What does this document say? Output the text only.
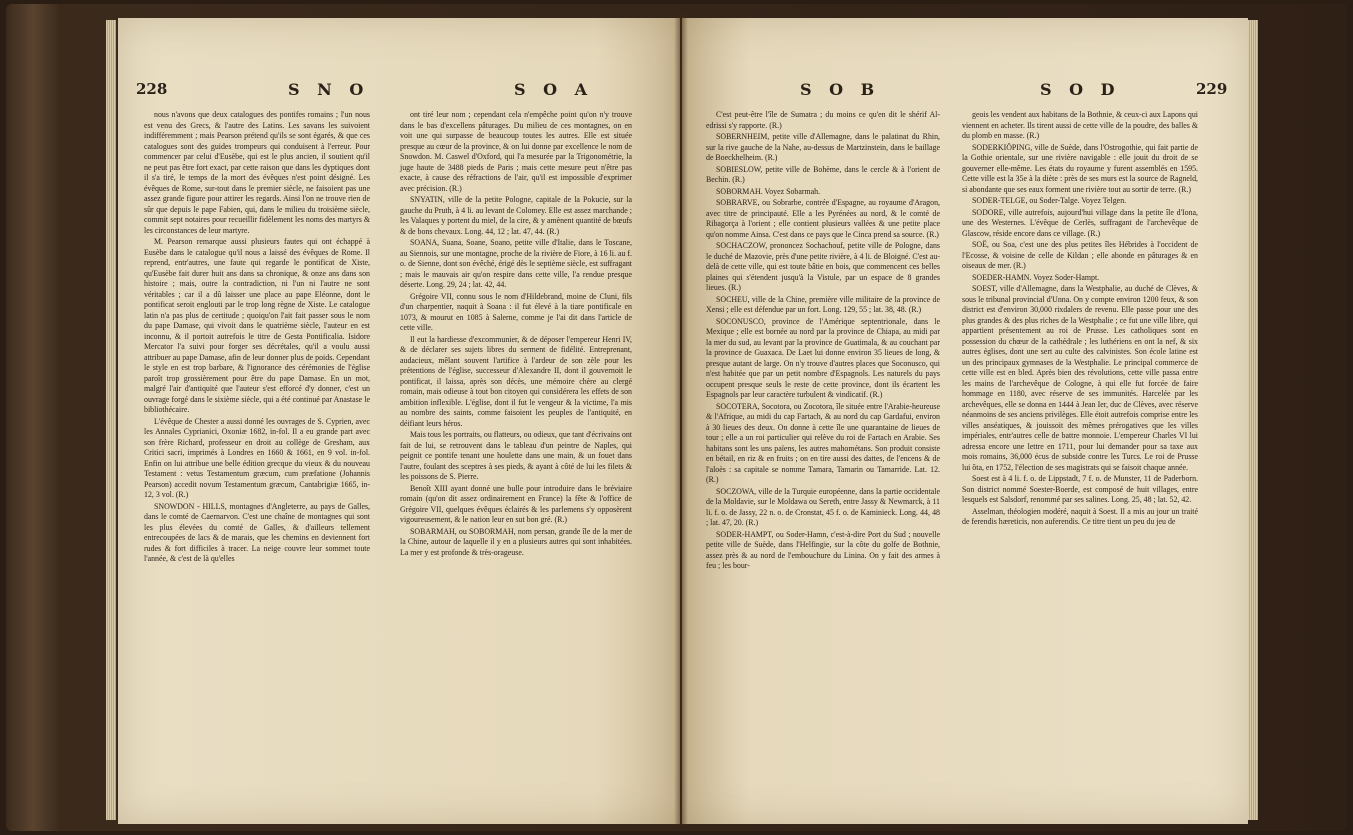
228	S N O	S O A

nous n'avons que deux catalogues des pontifes romains ; l'un nous est venu des Grecs, & l'autre des Latins. Les savans les suivoient indifféremment ; mais Pearson prétend qu'ils se sont égarés, & que ces catalogues sont des guides trompeurs qui conduisent à l'erreur. Pour commencer par celui d'Eusèbe, qui est le plus ancien, il soutient qu'il ne peut pas être fort exact, par cette raison que dans les dyptiques dont il s'a tiré, le temps de la mort des évêques n'est point désigné. Les évêques de Rome, sur-tout dans le premier siècle, ne faisoient pas une assez grande figure pour attirer les regards. Ainsi l'on ne trouve rien de sûr que depuis le pape Fabien, qui, dans le milieu du troisième siècle, commit sept notaires pour recueillir fidèlement les noms des martyrs & les circonstances de leur martyre.

M. Pearson remarque aussi plusieurs fautes qui ont échappé à Eusèbe dans le catalogue qu'il nous a laissé des évêques de Rome. Il reprend, entr'autres, une faute qui regarde le pontificat de Xiste, qu'Eusèbe fait durer huit ans dans sa chronique, & onze ans dans son histoire ; mais, outre la contradiction, ni l'un ni l'autre ne sont véritables ; car il a dû laisser une place au pape Eléonne, dont le pontificat seroit englouti par le trop long règne de Xiste. Le catalogue latin n'a pas plus de certitude ; quoiqu'on l'ait fait passer sous le nom du pape Damase, qui vivoit dans le quatrième siècle, l'auteur en est inconnu, & il portoit autrefois le titre de Gesta Pontificalia. Isidore Mercator l'a suivi pour forger ses décrétales, qu'il a voulu aussi attribuer au pape Damase, afin de leur donner plus de poids. Cependant le style en est trop barbare, & l'ignorance des cérémonies de l'église paroît trop grossièrement pour être du pape Damase. En un mot, malgré l'air d'antiquité que l'auteur s'est efforcé d'y donner, c'est un ouvrage forgé dans le sixième siècle, qui a été continué par Anastase le bibliothécaire.

L'évêque de Chester a aussi donné les ouvrages de S. Cyprien, avec les Annales Cyprianici, Oxoniæ 1682, in-fol. Il a eu grande part avec son frère Richard, professeur en droit au collège de Gresham, aux Critici sacri, imprimés à Londres en 1660 & 1661, en 9 vol. in-fol. Enfin on lui attribue une belle édition grecque du vieux & du nouveau Testament : vetus Testamentum græcum, cum præfatione (Johannis Pearson) accedit novum Testamentum græcum, Cantabrigiæ 1665, in-12, 3 vol. (R.)

SNOWDON - HILLS, montagnes d'Angleterre, au pays de Galles, dans le comté de Caernarvon. C'est une chaîne de montagnes qui sont les plus élevées du comté de Galles, & d'ailleurs tellement entrecoupées de lacs & de marais, que les chemins en deviennent fort rudes & fort difficiles à tracer. La neige couvre leur sommet toute l'année, & c'est de là qu'elles

ont tiré leur nom ; cependant cela n'empêche point qu'on n'y trouve dans le bas d'excellens pâturages. Du milieu de ces montagnes, on en voit une qui surpasse de beaucoup toutes les autres. Elle est située presque au cœur de la province, & on lui donne par excellence le nom de Snowdon. M. Caswel d'Oxford, qui l'a mesurée par la Trigonométrie, la juge haute de 3488 pieds de Paris ; mais cette mesure peut n'être pas exacte, à cause des réfractions de l'air, qu'il est impossible d'exprimer avec précision. (R.)

SNYATIN, ville de la petite Pologne, capitale de la Pokucie, sur la gauche du Pruth, à 4 li. au levant de Colomey. Elle est assez marchande ; les Valaques y portent du miel, de la cire, & y amènent quantité de bœufs & de bons chevaux. Long. 44, 12 ; lat. 47, 44. (R.)

SOANA, Suana, Soane, Soano, petite ville d'Italie, dans le Toscane, au Siennois, sur une montagne, proche de la rivière de Fiore, à 16 li. au f. o. de Sienne, dont son évêché, érigé dès le septième siècle, est suffragant ; mais le mauvais air qu'on respire dans cette ville, l'a rendue presque déserte. Long. 29, 24 ; lat. 42, 44.

Grégoire VII, connu sous le nom d'Hildebrand, moine de Cluni, fils d'un charpentier, naquit à Soana : il fut élevé à la tiare pontificale en 1073, & mourut en 1085 à Salerne, comme je l'ai dit dans l'article de cette ville.

Il eut la hardiesse d'excommunier, & de déposer l'empereur Henri IV, & de déclarer ses sujets libres du serment de fidélité. Entreprenant, audacieux, mêlant souvent l'artifice à l'ardeur de son zèle pour les prétentions de l'église, successeur d'Alexandre II, dont il gouvernoit le pontificat, il laissa, après son décès, une mémoire chère au clergé romain, mais odieuse à tout bon citoyen qui considérera les effets de son ambition inflexible. L'église, dont il fut le vengeur & la victime, l'a mis au nombre des saints, comme faisoient les peuples de l'antiquité, en déifiant leurs héros.

Mais tous les portraits, ou flatteurs, ou odieux, que tant d'écrivains ont fait de lui, se retrouvent dans le tableau d'un peintre de Naples, qui peignit ce pontife tenant une houlette dans une main, & un fouet dans l'autre, foulant des sceptres à ses pieds, & ayant à côté de lui les filets & les poissons de S. Pierre.

Benoît XIII ayant donné une bulle pour introduire dans le bréviaire romain (qu'on dit assez ordinairement en France) la fête & l'office de Grégoire VII, quelques évêques éclairés & les parlemens s'y opposèrent vigoureusement, & le nation leur en sut bon gré. (R.)

SOBARMAH, ou SOBORMAH, nom persan, grande île de la mer de la Chine, autour de laquelle il y en a plusieurs autres qui sont inhabitées. La mer y est profonde & très-orageuse.

S O B	S O D	229

C'est peut-être l'île de Sumatra ; du moins ce qu'en dit le shérif Al-edrissi s'y rapporte. (R.)

SOBERNHEIM, petite ville d'Allemagne, dans le palatinat du Rhin, sur la rive gauche de la Nahe, au-dessus de Martzinstein, dans le baillage de Boeckhelheim. (R.)

SOBIESLOW, petite ville de Bohème, dans le cercle & à l'orient de Bechin. (R.)

SOBORMAH. Voyez Sobarmah.

SOBRARVE, ou Sobrarbe, contrée d'Espagne, au royaume d'Aragon, avec titre de principauté. Elle a les Pyrénées au nord, & le comté de Ribagorça à l'orient ; elle contient plusieurs vallées & une petite place qu'on nomme Ainsa. C'est dans ce pays que le Cinca prend sa source. (R.)

SOCHACZOW, prononcez Sochachouf, petite ville de Pologne, dans le duché de Mazovie, près d'une petite rivière, à 4 li. de Bloigné. C'est au-delà de cette ville, qui est toute bâtie en bois, que commencent ces belles plaines qui s'étendent jusqu'à la Vistule, par un espace de 8 grandes lieues. (R.)

SOCHEU, ville de la Chine, première ville militaire de la province de Xensi ; elle est défendue par un fort. Long. 129, 55 ; lat. 38, 48. (R.)

SOCONUSCO, province de l'Amérique septentrionale, dans le Mexique ; elle est bornée au nord par la province de Chiapa, au midi par la mer du sud, au levant par la province de Guatimala, & au couchant par la province de Guaxaca. De Laet lui donne environ 35 lieues de long, & presque autant de large. On n'y trouve d'autres places que Soconusco, qui n'est habitée que par un petit nombre d'Espagnols. Les naturels du pays occupent presque seuls le reste de cette province, dont ils écartent les Espagnols par leur caractère turbulent & vindicatif. (R.)

SOCOTERA, Socotora, ou Zocotora, île située entre l'Arabie-heureuse & l'Afrique, au midi du cap Fartach, & au nord du cap Gardafui, environ à 30 lieues des deux. On donne à cette île une quarantaine de lieues de tour ; elle a un roi particulier qui relève du roi de Fartach en Arabie. Ses habitans sont les uns païens, les autres mahométans. Son produit consiste en bétail, en riz & en fruits ; on en tire aussi des dattes, de l'encens & de l'aloès : sa capitale se nomme Tamara, Tamarin ou Tamarride. Lat. 12. (R.)

SOCZOWA, ville de la Turquie européenne, dans la partie occidentale de la Moldavie, sur le Moldawa ou Sereth, entre Jassy & Newmarck, à 11 li. f. o. de Jassy, 22 n. o. de Cronstat, 45 f. o. de Kaminieck. Long. 44, 48 ; lat. 47, 20. (R.)

SODER-HAMPT, ou Soder-Hamn, c'est-à-dire Port du Sud ; nouvelle petite ville de Suède, dans l'Helfingie, sur la côte du golfe de Bothnie, assez près & au nord de l'embouchure du Linina. On y fait des armes à feu ; les bour-

geois les vendent aux habitans de la Bothnie, & ceux-ci aux Lapons qui viennent en acheter. Ils tirent aussi de cette ville de la poudre, des balles & du plomb en masse. (R.)

SODERKIÖPING, ville de Suède, dans l'Ostrogothie, qui fait partie de la Gothie orientale, sur une rivière navigable : elle jouit du droit de se gouverner elle-même. Les états du royaume y furent assemblés en 1595. Cette ville est la 35e à la diète : près de ses murs est la source de Ragneld, si abondante que ses eaux forment une rivière tout au sortir de terre. (R.)

SODER-TELGE, ou Soder-Talge. Voyez Telgen.

SODORE, ville autrefois, aujourd'hui village dans la petite île d'Iona, une des Westernes. L'évêque de Cerlès, suffragant de l'archevêque de Glascow, réside encore dans ce village. (R.)

SOË, ou Soa, c'est une des plus petites îles Hébrides à l'occident de l'Ecosse, & voisine de celle de Kildan ; elle abonde en pâturages & en oiseaux de mer. (R.)

SOEDER-HAMN. Voyez Soder-Hampt.

SOEST, ville d'Allemagne, dans la Westphalie, au duché de Clèves, & sous le tribunal provincial d'Unna. On y compte environ 1200 feux, & son district est d'environ 30,000 rixdalers de revenu. Elle passe pour une des plus grandes & des plus riches de la Westphalie ; ce fut une ville libre, qui appartient présentement au roi de Prusse. Les catholiques sont en possession du chœur de la cathédrale ; les luthériens en ont la nef, & six autres églises, dont une sert au culte des calvinistes. Son école latine est un des principaux gymnases de la Westphalie. Le principal commerce de cette ville est en bled. Après bien des révolutions, cette ville passa entre les mains de l'archevêque de Cologne, à qui elle fut forcée de faire hommage en 1180, avec réserve de ses immunités. Harcelée par les archevêques, elle se donna en 1444 à Jean Ier, duc de Clèves, avec réserve néanmoins de ses anciens privilèges. Elle étoit autrefois comprise entre les villes anséatiques, & jouissoit des mêmes prérogatives que les villes impériales, entr'autres celle de battre monnoie. L'empereur Charles VI lui adressa encore une lettre en 1711, pour lui demander pour sa taxe aux mois romains, 36,000 écus de subside contre les Turcs. Le roi de Prusse lui ôta, en 1752, l'élection de ses magistrats qui se faisoit chaque année.

Soest est à 4 li. f. o. de Lippstadt, 7 f. o. de Munster, 11 de Paderborn. Son district nommé Soester-Boerde, est composé de huit villages, entre lesquels est Salsdorf, renommé par ses salines. Long. 25, 48 ; lat. 52, 42.

Asselman, théologien modéré, naquit à Soest. Il a mis au jour un traité de ferendis hæreticis, non auferendis. Ce titre tient un peu du jeu de
